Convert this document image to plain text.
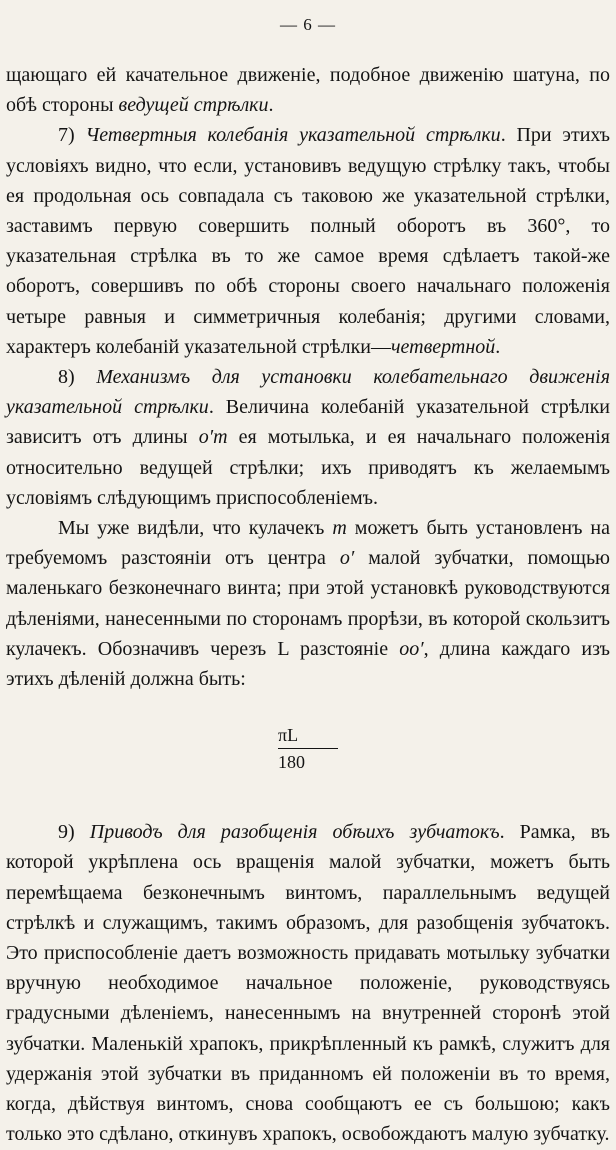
— 6 —

щающаго ей качательное движеніе, подобное движенію шатуна, по обѣ стороны ведущей стрѣлки.

7) Четвертныя колебанія указательной стрѣлки. При этихъ условіяхъ видно, что если, установивъ ведущую стрѣлку такъ, чтобы ея продольная ось совпадала съ таковою же указательной стрѣлки, заставимъ первую совершить полный оборотъ въ 360°, то указательная стрѣлка въ то же самое время сдѣлаетъ такой-же оборотъ, совершивъ по обѣ стороны своего начальнаго положенія четыре равныя и симметричныя колебанія; другими словами, характеръ колебаній указательной стрѣлки—четвертной.

8) Механизмъ для установки колебательнаго движенія указательной стрѣлки. Величина колебаній указательной стрѣлки зависитъ отъ длины o′m ея мотылька, и ея начальнаго положенія относительно ведущей стрѣлки; ихъ приводятъ къ желаемымъ условіямъ слѣдующимъ приспособленіемъ.

Мы уже видѣли, что кулачекъ m можетъ быть установленъ на требуемомъ разстояніи отъ центра o′ малой зубчатки, помощью маленькаго безконечнаго винта; при этой установкѣ руководствуются дѣленіями, нанесенными по сторонамъ прорѣзи, въ которой скользитъ кулачекъ. Обозначивъ черезъ L разстояніе oo′, длина каждаго изъ этихъ дѣленій должна быть:

πL
180

9) Приводъ для разобщенія обѣихъ зубчатокъ. Рамка, въ которой укрѣплена ось вращенія малой зубчатки, можетъ быть перемѣщаема безконечнымъ винтомъ, параллельнымъ ведущей стрѣлкѣ и служащимъ, такимъ образомъ, для разобщенія зубчатокъ. Это приспособленіе даетъ возможность придавать мотыльку зубчатки вручную необходимое начальное положеніе, руководствуясь градусными дѣленіемъ, нанесеннымъ на внутренней сторонѣ этой зубчатки. Маленькій храпокъ, прикрѣпленный къ рамкѣ, служитъ для удержанія этой зубчатки въ приданномъ ей положеніи въ то время, когда, дѣйствуя винтомъ, снова сообщаютъ ее съ большою; какъ только это сдѣлано, откинувъ храпокъ, освобождаютъ малую зубчатку.
